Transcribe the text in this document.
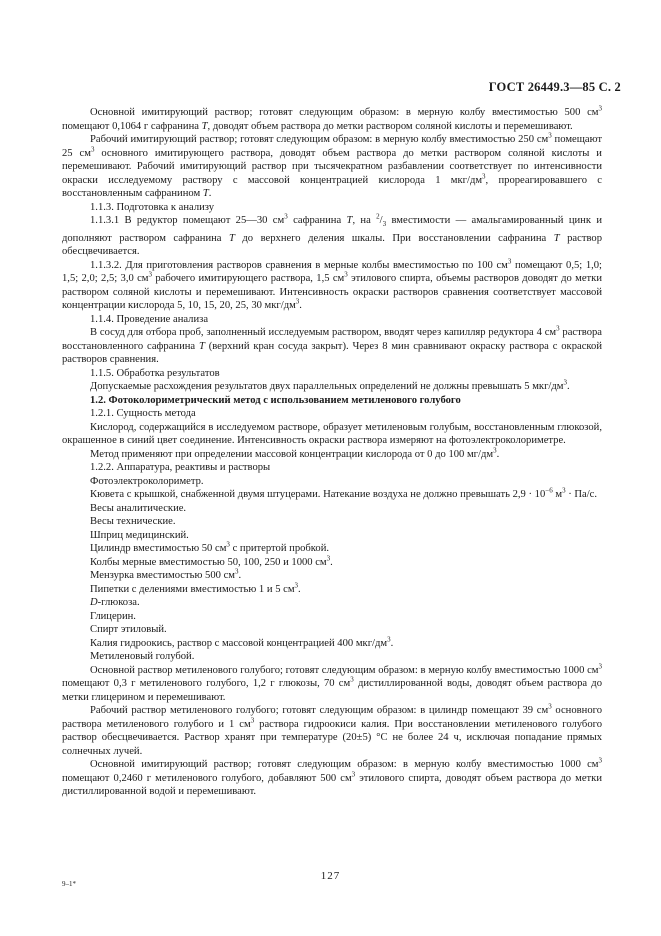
ГОСТ 26449.3—85 С. 2

Основной имитирующий раствор; готовят следующим образом: в мерную колбу вместимостью 500 $см^3$ помещают 0,1064 г сафранина Т, доводят объем раствора до метки раствором соляной кислоты и перемешивают.

Рабочий имитирующий раствор; готовят следующим образом: в мерную колбу вместимостью 250 $см^3$ помещают 25 $см^3$ основного имитирующего раствора, доводят объем раствора до метки раствором соляной кислоты и перемешивают. Рабочий имитирующий раствор при тысячекратном разбавлении соответствует по интенсивности окраски исследуемому раствору с массовой концентрацией кислорода 1 мкг/$дм^3$, прореагировавшего с восстановленным сафранином Т.

1.1.3. Подготовка к анализу

1.1.3.1 В редуктор помещают 25—30 $см^3$ сафранина Т, на $^2/_3$ вместимости — амальгамированный цинк и дополняют раствором сафранина Т до верхнего деления шкалы. При восстановлении сафранина Т раствор обесцвечивается.

1.1.3.2. Для приготовления растворов сравнения в мерные колбы вместимостью по 100 $см^3$ помещают 0,5; 1,0; 1,5; 2,0; 2,5; 3,0 $см^3$ рабочего имитирующего раствора, 1,5 $см^3$ этилового спирта, объемы растворов доводят до метки раствором соляной кислоты и перемешивают. Интенсивность окраски растворов сравнения соответствует массовой концентрации кислорода 5, 10, 15, 20, 25, 30 мкг/$дм^3$.

1.1.4. Проведение анализа

В сосуд для отбора проб, заполненный исследуемым раствором, вводят через капилляр редуктора 4 $см^3$ раствора восстановленного сафранина Т (верхний кран сосуда закрыт). Через 8 мин сравнивают окраску раствора с окраской растворов сравнения.

1.1.5. Обработка результатов

Допускаемые расхождения результатов двух параллельных определений не должны превышать 5 мкг/$дм^3$.

1.2. Фотоколориметрический метод с использованием метиленового голубого

1.2.1. Сущность метода

Кислород, содержащийся в исследуемом растворе, образует метиленовым голубым, восстановленным глюкозой, окрашенное в синий цвет соединение. Интенсивность окраски раствора измеряют на фотоэлектроколориметре.

Метод применяют при определении массовой концентрации кислорода от 0 до 100 $мг/дм^3$.

1.2.2. Аппаратура, реактивы и растворы

Фотоэлектроколориметр.

Кювета с крышкой, снабженной двумя штуцерами. Натекание воздуха не должно превышать $2,9 \cdot 10^{-6}$ $м^3 \cdot Па/с$.

Весы аналитические.

Весы технические.

Шприц медицинский.

Цилиндр вместимостью 50 $см^3$ с притертой пробкой.

Колбы мерные вместимостью 50, 100, 250 и 1000 $см^3$.

Мензурка вместимостью 500 $см^3$.

Пипетки с делениями вместимостью 1 и 5 $см^3$.

D-глюкоза.

Глицерин.

Спирт этиловый.

Калия гидроокись, раствор с массовой концентрацией 400 мкг/$дм^3$.

Метиленовый голубой.

Основной раствор метиленового голубого; готовят следующим образом: в мерную колбу вместимостью 1000 $см^3$ помещают 0,3 г метиленового голубого, 1,2 г глюкозы, 70 $см^3$ дистиллированной воды, доводят объем раствора до метки глицерином и перемешивают.

Рабочий раствор метиленового голубого; готовят следующим образом: в цилиндр помещают 39 $см^3$ основного раствора метиленового голубого и 1 $см^3$ раствора гидроокиси калия. При восстановлении метиленового голубого раствор обесцвечивается. Раствор хранят при температуре (20±5) °С не более 24 ч, исключая попадание прямых солнечных лучей.

Основной имитирующий раствор; готовят следующим образом: в мерную колбу вместимостью 1000 $см^3$ помещают 0,2460 г метиленового голубого, добавляют 500 $см^3$ этилового спирта, доводят объем раствора до метки дистиллированной водой и перемешивают.

9–1*
127
